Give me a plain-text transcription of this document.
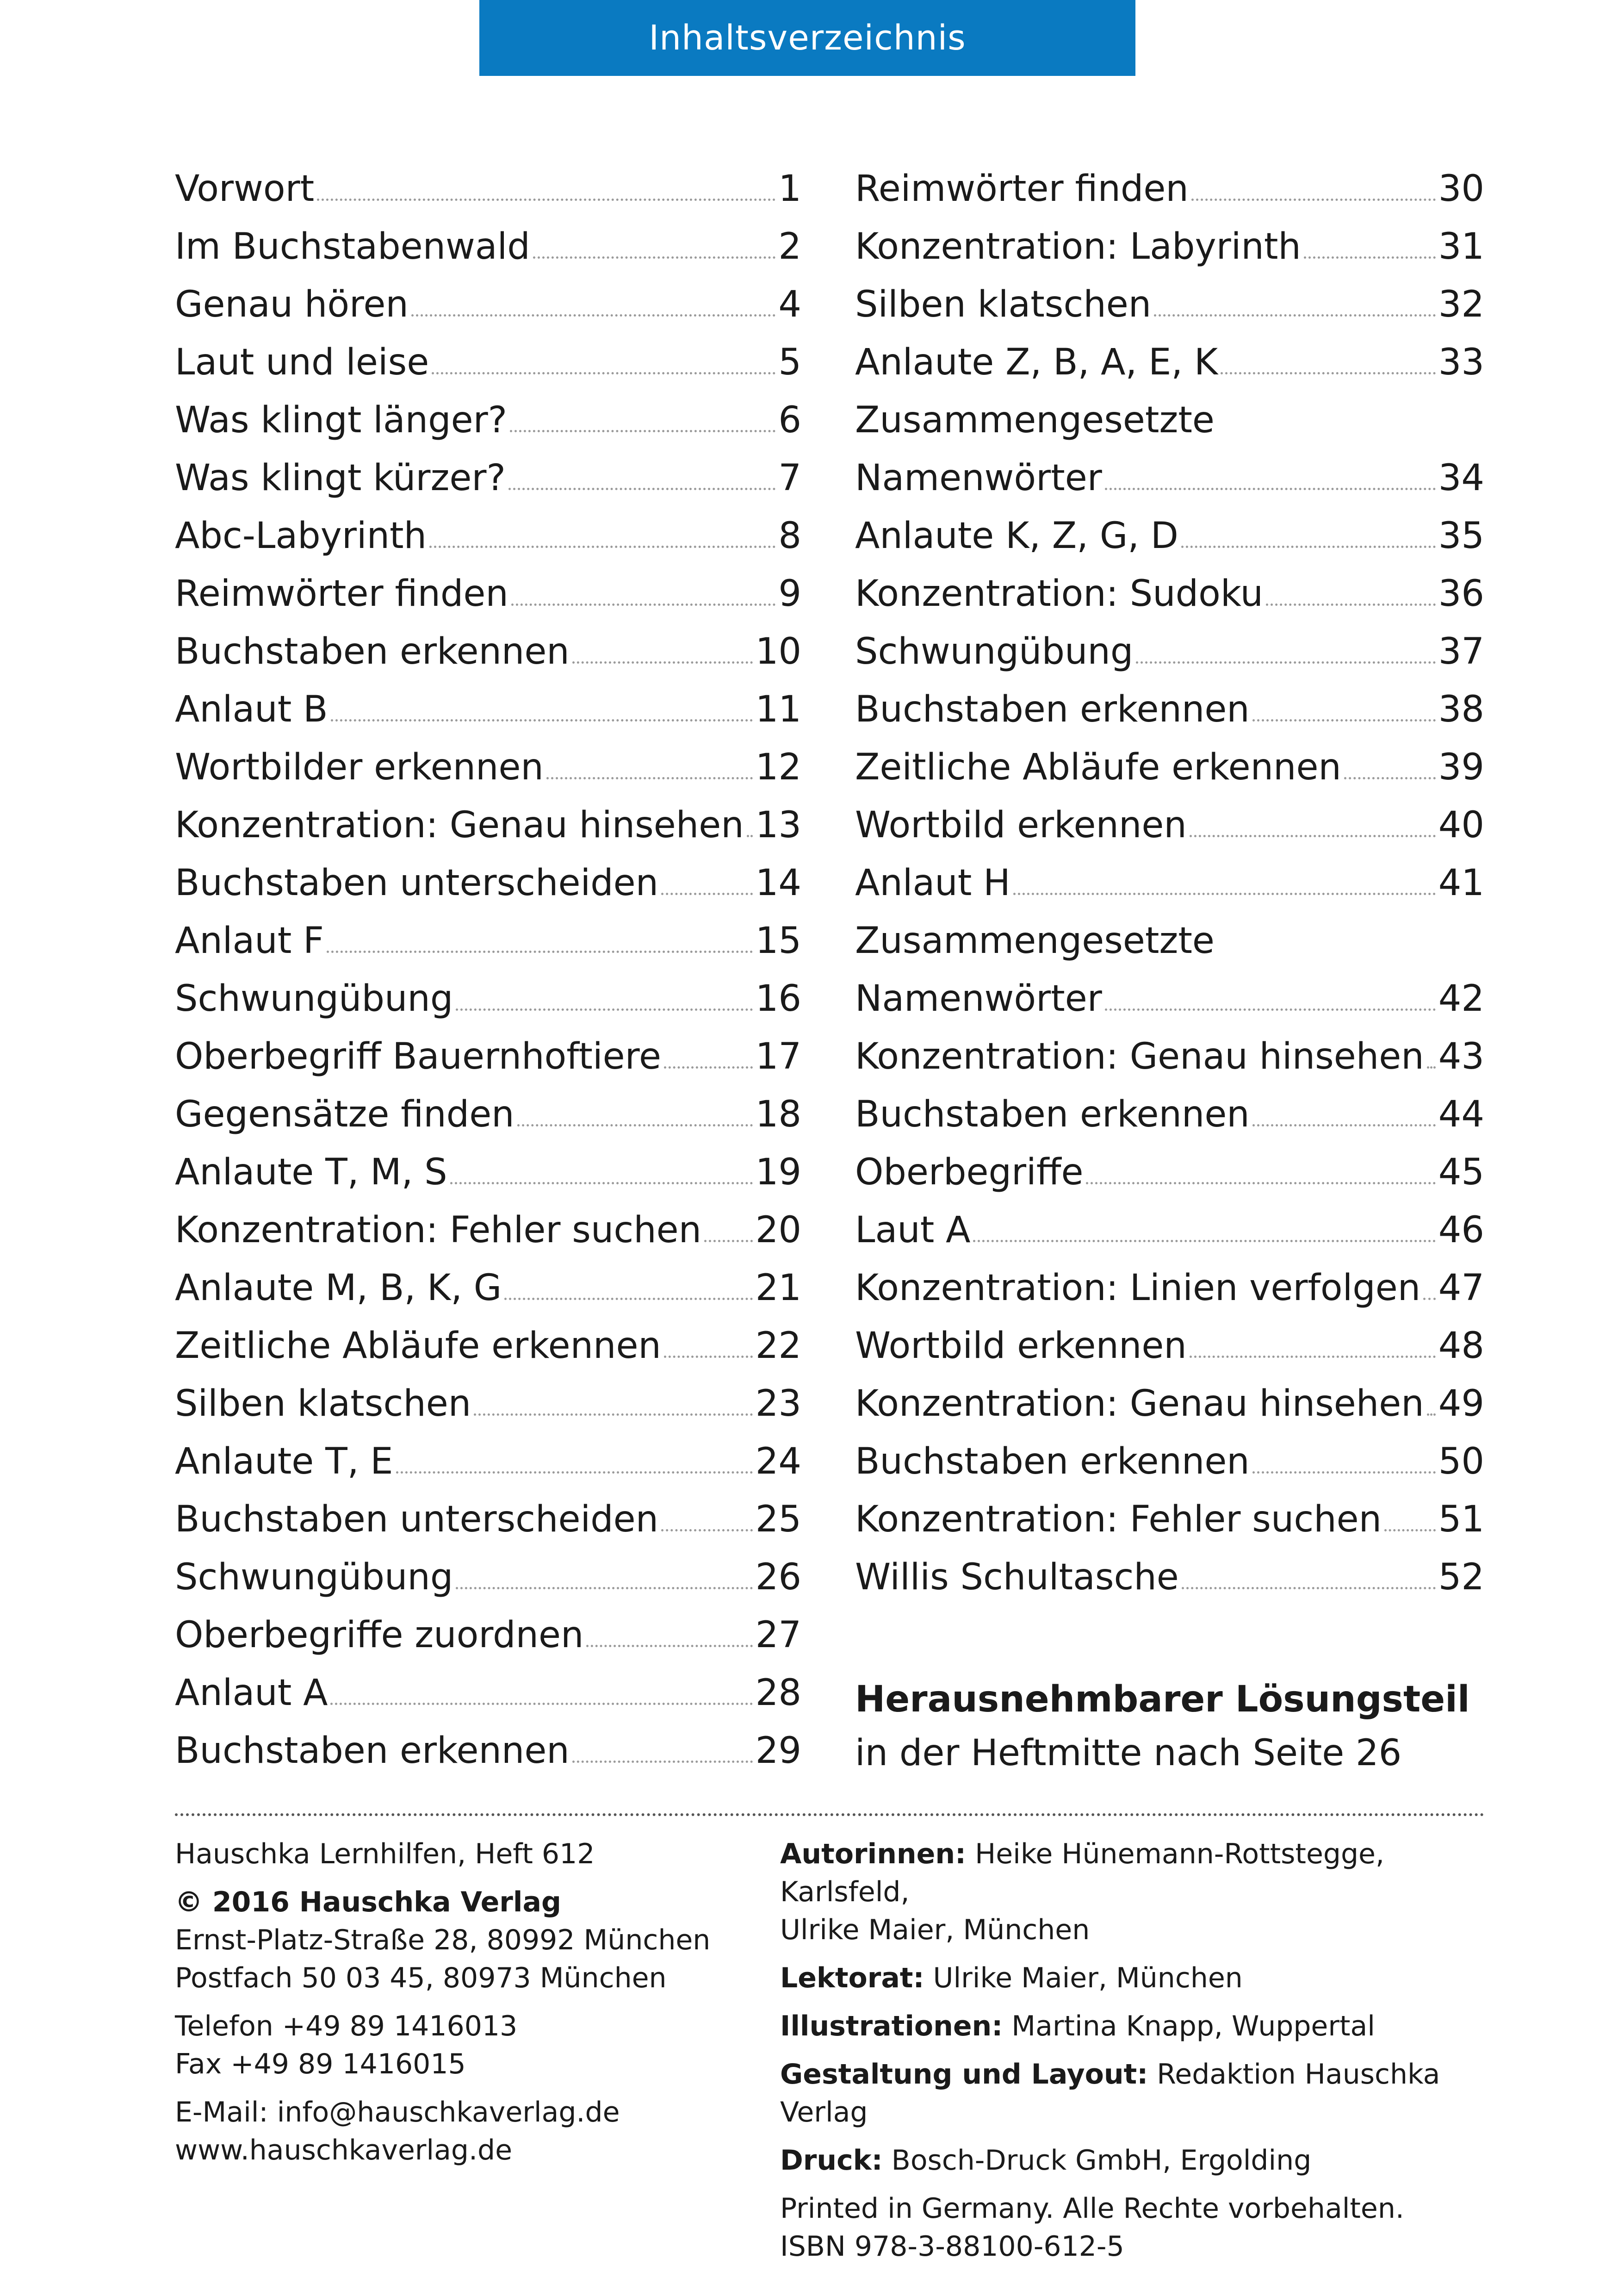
Inhaltsverzeichnis
Vorwort	1
Im Buchstabenwald	2
Genau hören	4
Laut und leise	5
Was klingt länger?	6
Was klingt kürzer?	7
Abc-Labyrinth	8
Reimwörter finden	9
Buchstaben erkennen	10
Anlaut B	11
Wortbilder erkennen	12
Konzentration: Genau hinsehen 13
Buchstaben unterscheiden	14
Anlaut F	15
Schwungübung	16
Oberbegriff Bauernhoftiere	17
Gegensätze finden	18
Anlaute T, M, S	19
Konzentration: Fehler suchen 20
Anlaute M, B, K, G	21
Zeitliche Abläufe erkennen	22
Silben klatschen	23
Anlaute T, E	24
Buchstaben unterscheiden	25
Schwungübung	26
Oberbegriffe zuordnen	27
Anlaut A	28
Buchstaben erkennen	29
Reimwörter finden	30
Konzentration: Labyrinth	31
Silben klatschen	32
Anlaute Z, B, A, E, K	33
Zusammengesetzte
Namenwörter	34
Anlaute K, Z, G, D	35
Konzentration: Sudoku	36
Schwungübung	37
Buchstaben erkennen	38
Zeitliche Abläufe erkennen	39
Wortbild erkennen	40
Anlaut H	41
Zusammengesetzte
Namenwörter	42
Konzentration: Genau hinsehen 43
Buchstaben erkennen	44
Oberbegriffe	45
Laut A	46
Konzentration: Linien verfolgen 47
Wortbild erkennen	48
Konzentration: Genau hinsehen 49
Buchstaben erkennen	50
Konzentration: Fehler suchen 51
Willis Schultasche	52
Herausnehmbarer Lösungsteil
in der Heftmitte nach Seite 26
Hauschka Lernhilfen, Heft 612
© 2016 Hauschka Verlag
Ernst-Platz-Straße 28, 80992 München
Postfach 50 03 45, 80973 München
Telefon +49 89 1416013
Fax +49 89 1416015
E-Mail: info@hauschkaverlag.de
www.hauschkaverlag.de
Autorinnen: Heike Hünemann-Rottstegge, Karlsfeld,
Ulrike Maier, München
Lektorat: Ulrike Maier, München
Illustrationen: Martina Knapp, Wuppertal
Gestaltung und Layout: Redaktion Hauschka Verlag
Druck: Bosch-Druck GmbH, Ergolding
Printed in Germany. Alle Rechte vorbehalten.
ISBN 978-3-88100-612-5
